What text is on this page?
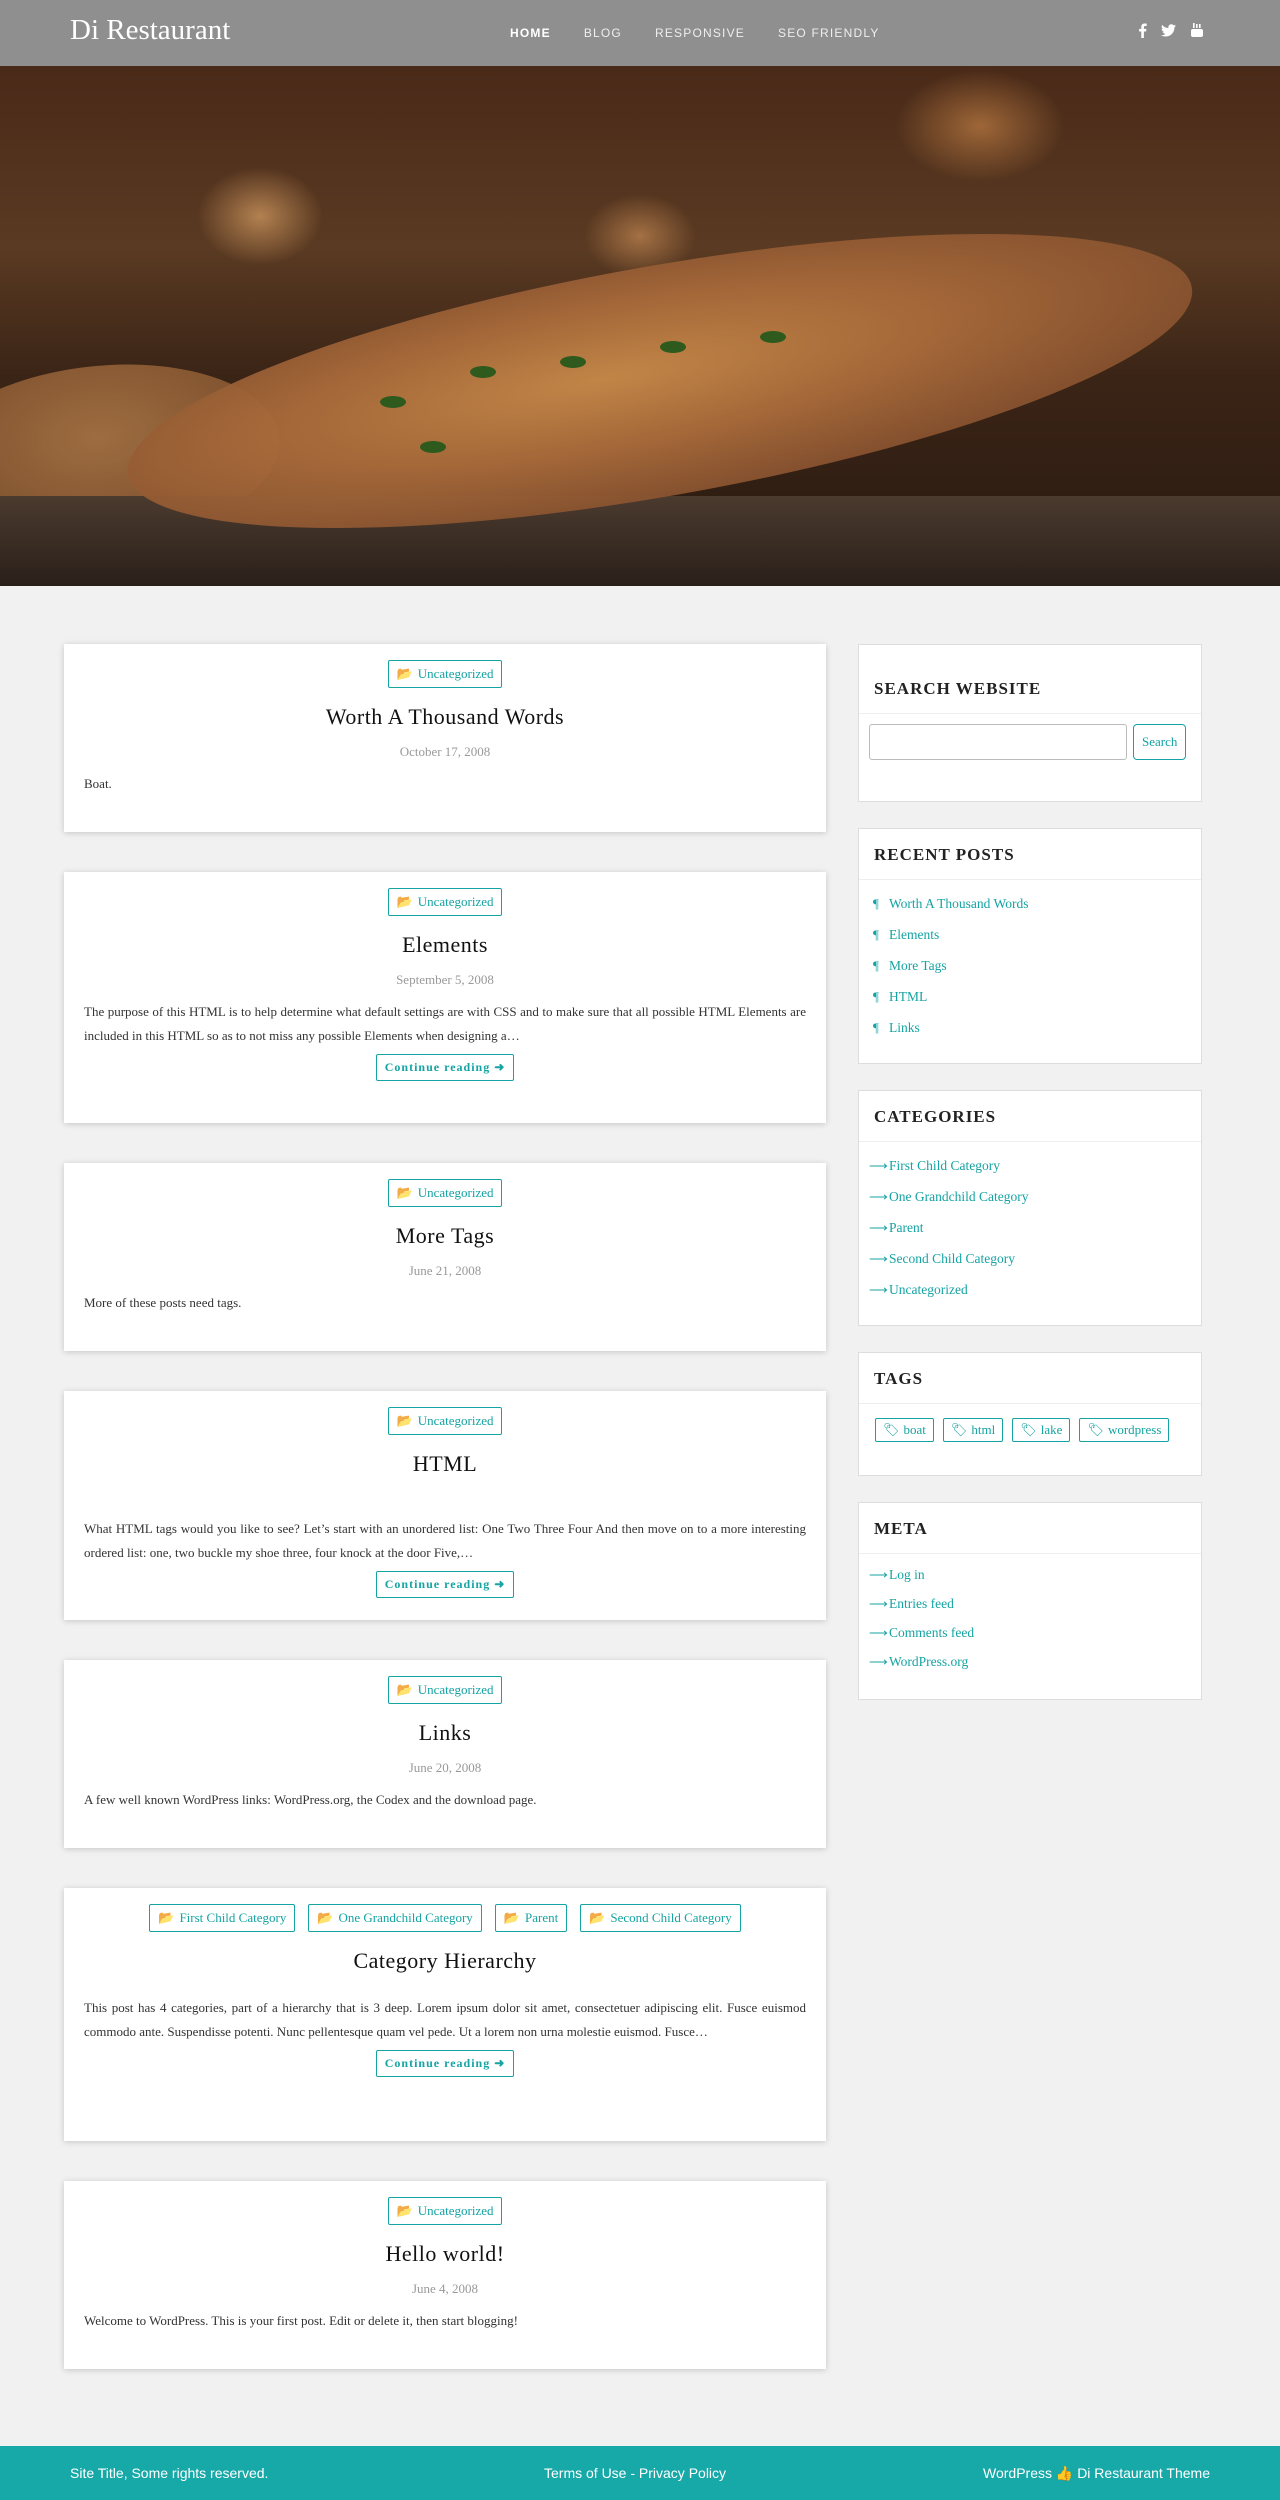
Di Restaurant	HOME	BLOG	RESPONSIVE	SEO FRIENDLY
📂 Uncategorized
Worth A Thousand Words
October 17, 2008

Boat.

📂 Uncategorized
Elements
September 5, 2008

The purpose of this HTML is to help determine what default settings are with CSS and to make sure that all possible HTML Elements are included in this HTML so as to not miss any possible Elements when designing a…

Continue reading ➜
📂 Uncategorized
More Tags
June 21, 2008

More of these posts need tags.

📂 Uncategorized
HTML

What HTML tags would you like to see? Let’s start with an unordered list: One Two Three Four And then move on to a more interesting ordered list: one, two buckle my shoe three, four knock at the door Five,…

Continue reading ➜
📂 Uncategorized
Links
June 20, 2008

A few well known WordPress links: WordPress.org, the Codex and the download page.

📂 First Child Category 📂 One Grandchild Category 📂 Parent 📂 Second Child Category
Category Hierarchy

This post has 4 categories, part of a hierarchy that is 3 deep. Lorem ipsum dolor sit amet, consectetuer adipiscing elit. Fusce euismod commodo ante. Suspendisse potenti. Nunc pellentesque quam vel pede. Ut a lorem non urna molestie euismod. Fusce…

Continue reading ➜
📂 Uncategorized
Hello world!
June 4, 2008

Welcome to WordPress. This is your first post. Edit or delete it, then start blogging!

SEARCH WEBSITE
Search
RECENT POSTS
¶ Worth A Thousand Words
¶ Elements
¶ More Tags
¶ HTML
¶ Links
CATEGORIES
⟶ First Child Category
⟶ One Grandchild Category
⟶ Parent
⟶ Second Child Category
⟶ Uncategorized
TAGS
🏷 boat 🏷 html 🏷 lake 🏷 wordpress
META
⟶ Log in
⟶ Entries feed
⟶ Comments feed
⟶ WordPress.org
Site Title, Some rights reserved.	Terms of Use - Privacy Policy	WordPress 👍 Di Restaurant Theme
